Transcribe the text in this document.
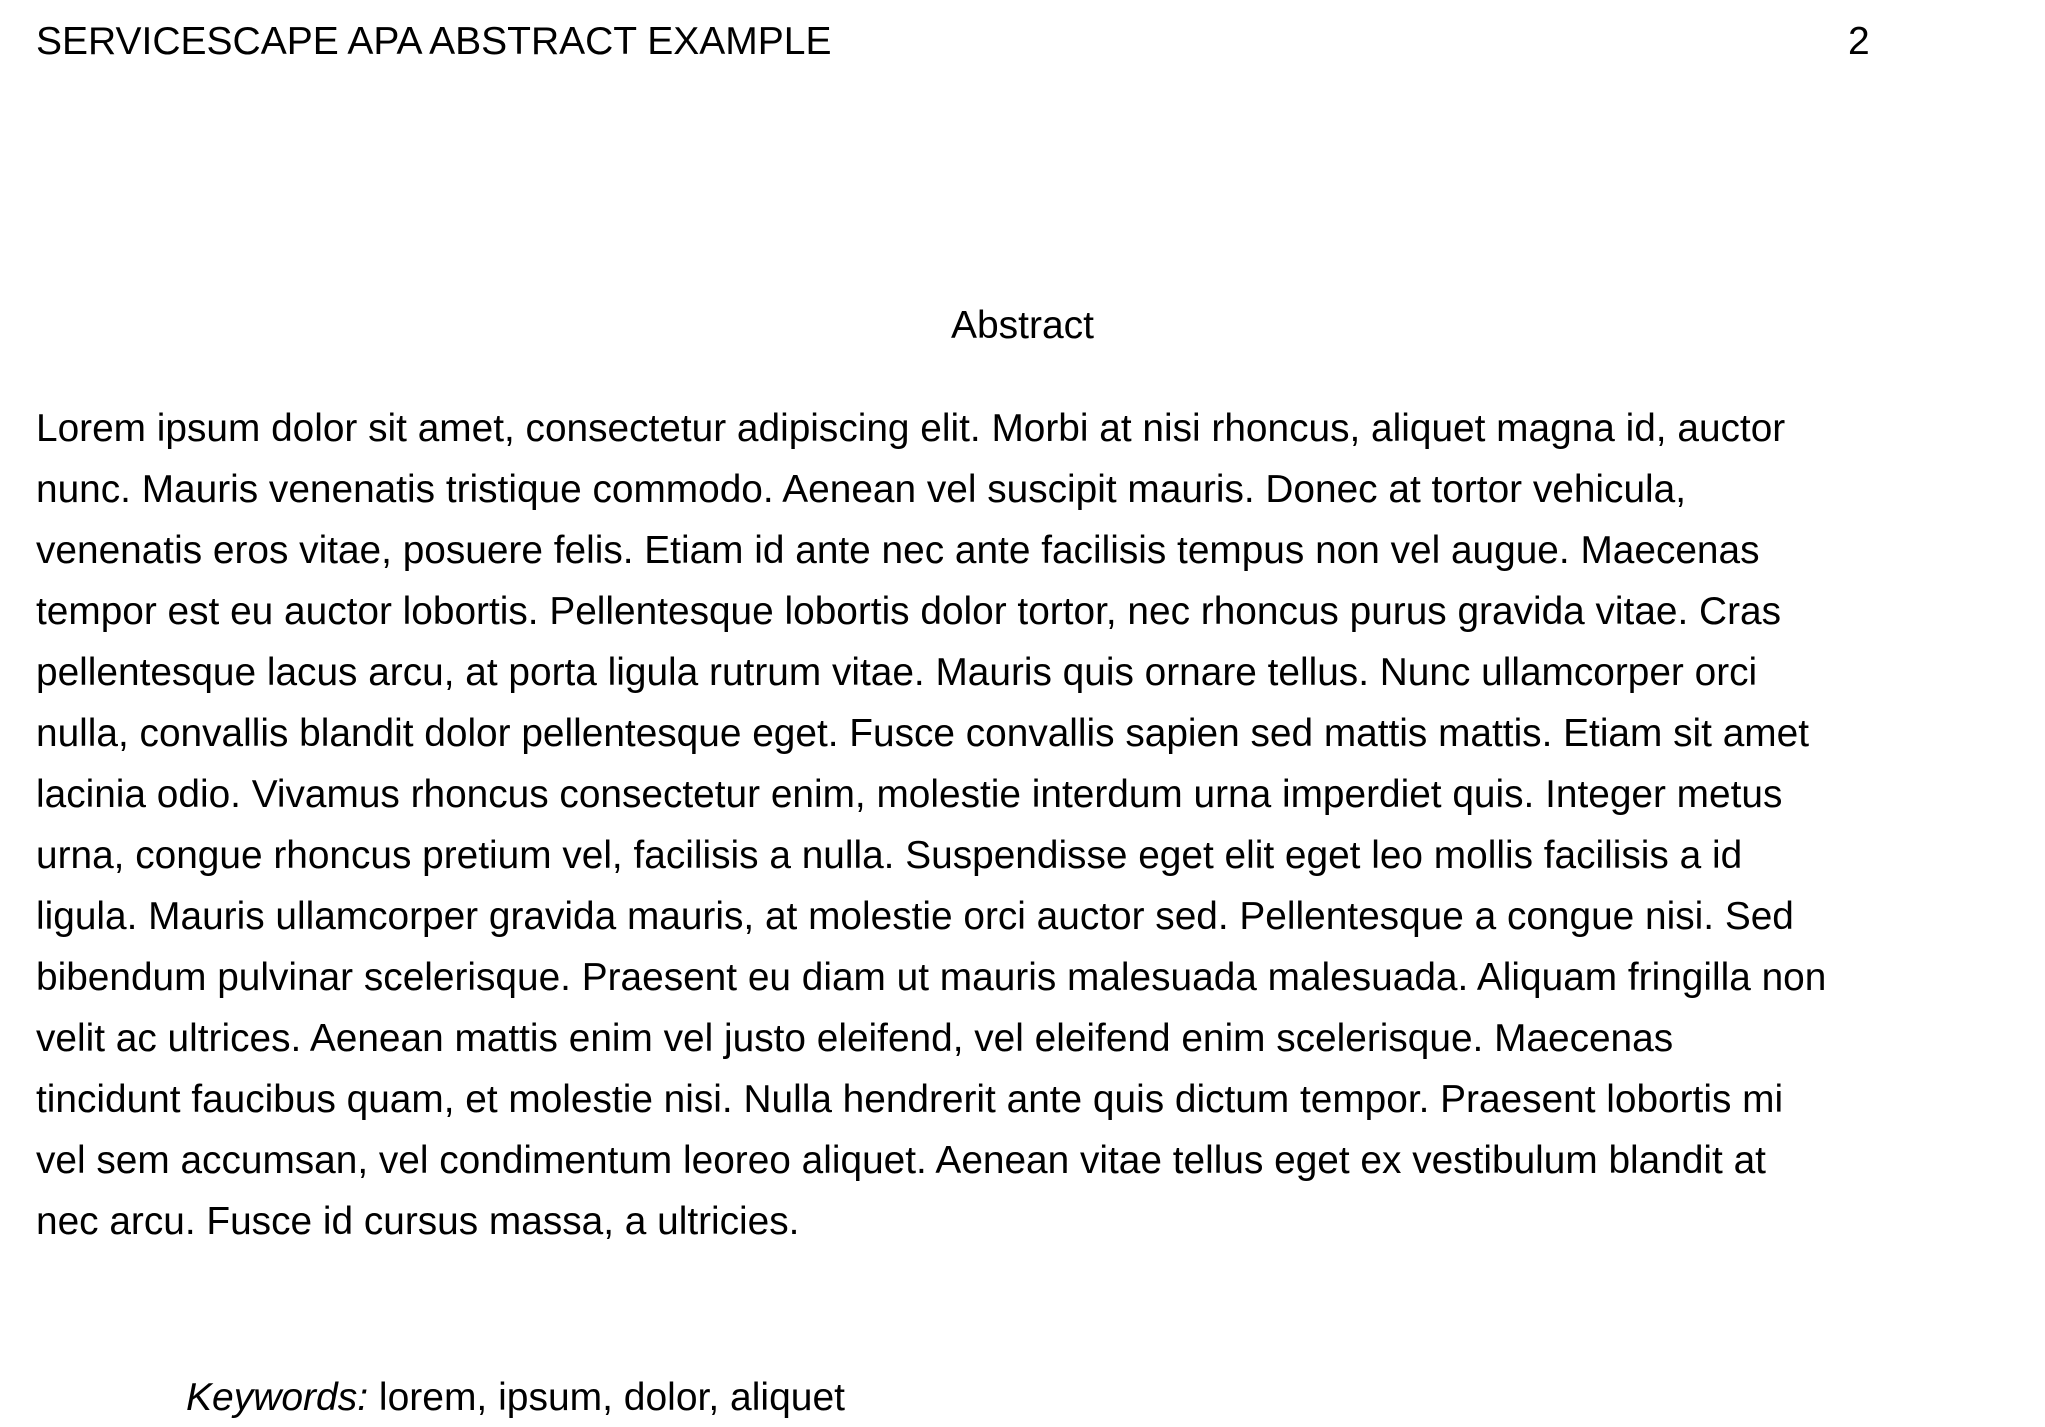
SERVICESCAPE APA ABSTRACT EXAMPLE	2
Abstract
Lorem ipsum dolor sit amet, consectetur adipiscing elit. Morbi at nisi rhoncus, aliquet magna id, auctor nunc. Mauris venenatis tristique commodo. Aenean vel suscipit mauris. Donec at tortor vehicula, venenatis eros vitae, posuere felis. Etiam id ante nec ante facilisis tempus non vel augue. Maecenas tempor est eu auctor lobortis. Pellentesque lobortis dolor tortor, nec rhoncus purus gravida vitae. Cras pellentesque lacus arcu, at porta ligula rutrum vitae. Mauris quis ornare tellus. Nunc ullamcorper orci nulla, convallis blandit dolor pellentesque eget. Fusce convallis sapien sed mattis mattis. Etiam sit amet lacinia odio. Vivamus rhoncus consectetur enim, molestie interdum urna imperdiet quis. Integer metus urna, congue rhoncus pretium vel, facilisis a nulla. Suspendisse eget elit eget leo mollis facilisis a id ligula. Mauris ullamcorper gravida mauris, at molestie orci auctor sed. Pellentesque a congue nisi. Sed bibendum pulvinar scelerisque. Praesent eu diam ut mauris malesuada malesuada. Aliquam fringilla non velit ac ultrices. Aenean mattis enim vel justo eleifend, vel eleifend enim scelerisque. Maecenas tincidunt faucibus quam, et molestie nisi. Nulla hendrerit ante quis dictum tempor. Praesent lobortis mi vel sem accumsan, vel condimentum leoreo aliquet. Aenean vitae tellus eget ex vestibulum blandit at nec arcu. Fusce id cursus massa, a ultricies.
Keywords: lorem, ipsum, dolor, aliquet
